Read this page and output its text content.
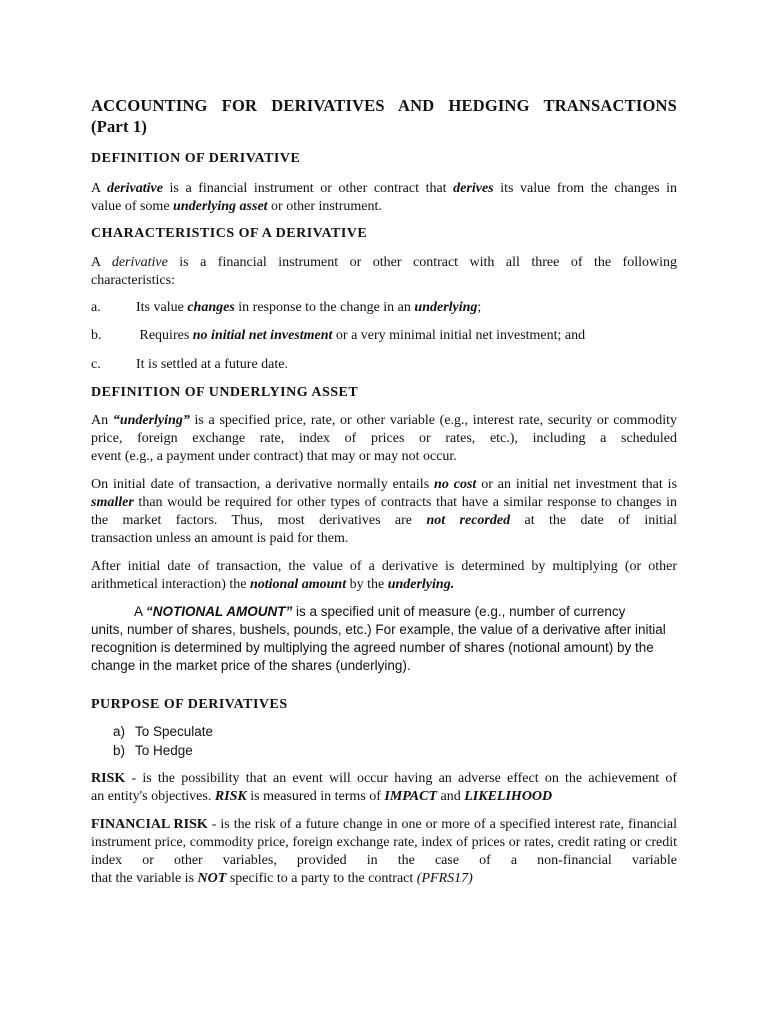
ACCOUNTING FOR DERIVATIVES AND HEDGING TRANSACTIONS
(Part 1)
DEFINITION OF DERIVATIVE
A derivative is a financial instrument or other contract that derives its value from the changes in
value of some underlying asset or other instrument.
CHARACTERISTICS OF A DERIVATIVE
A derivative is a financial instrument or other contract with all three of the following
characteristics:
a.	Its value changes in response to the change in an underlying;
b. Requires no initial net investment or a very minimal initial net investment; and
c.	It is settled at a future date.
DEFINITION OF UNDERLYING ASSET
An “underlying” is a specified price, rate, or other variable (e.g., interest rate, security or commodity price, foreign exchange rate, index of prices or rates, etc.), including a scheduled
event (e.g., a payment under contract) that may or may not occur.
On initial date of transaction, a derivative normally entails no cost or an initial net investment that is smaller than would be required for other types of contracts that have a similar response to changes in the market factors. Thus, most derivatives are not recorded at the date of initial
transaction unless an amount is paid for them.
After initial date of transaction, the value of a derivative is determined by multiplying (or other
arithmetical interaction) the notional amount by the underlying.
A “NOTIONAL AMOUNT” is a specified unit of measure (e.g., number of currency
units, number of shares, bushels, pounds, etc.) For example, the value of a derivative after initial
recognition is determined by multiplying the agreed number of shares (notional amount) by the
change in the market price of the shares (underlying).
PURPOSE OF DERIVATIVES
a) To Speculate
b) To Hedge
RISK - is the possibility that an event will occur having an adverse effect on the achievement of
an entity's objectives. RISK is measured in terms of IMPACT and LIKELIHOOD
FINANCIAL RISK - is the risk of a future change in one or more of a specified interest rate, financial instrument price, commodity price, foreign exchange rate, index of prices or rates, credit rating or credit index or other variables, provided in the case of a non-financial variable
that the variable is NOT specific to a party to the contract (PFRS17)
